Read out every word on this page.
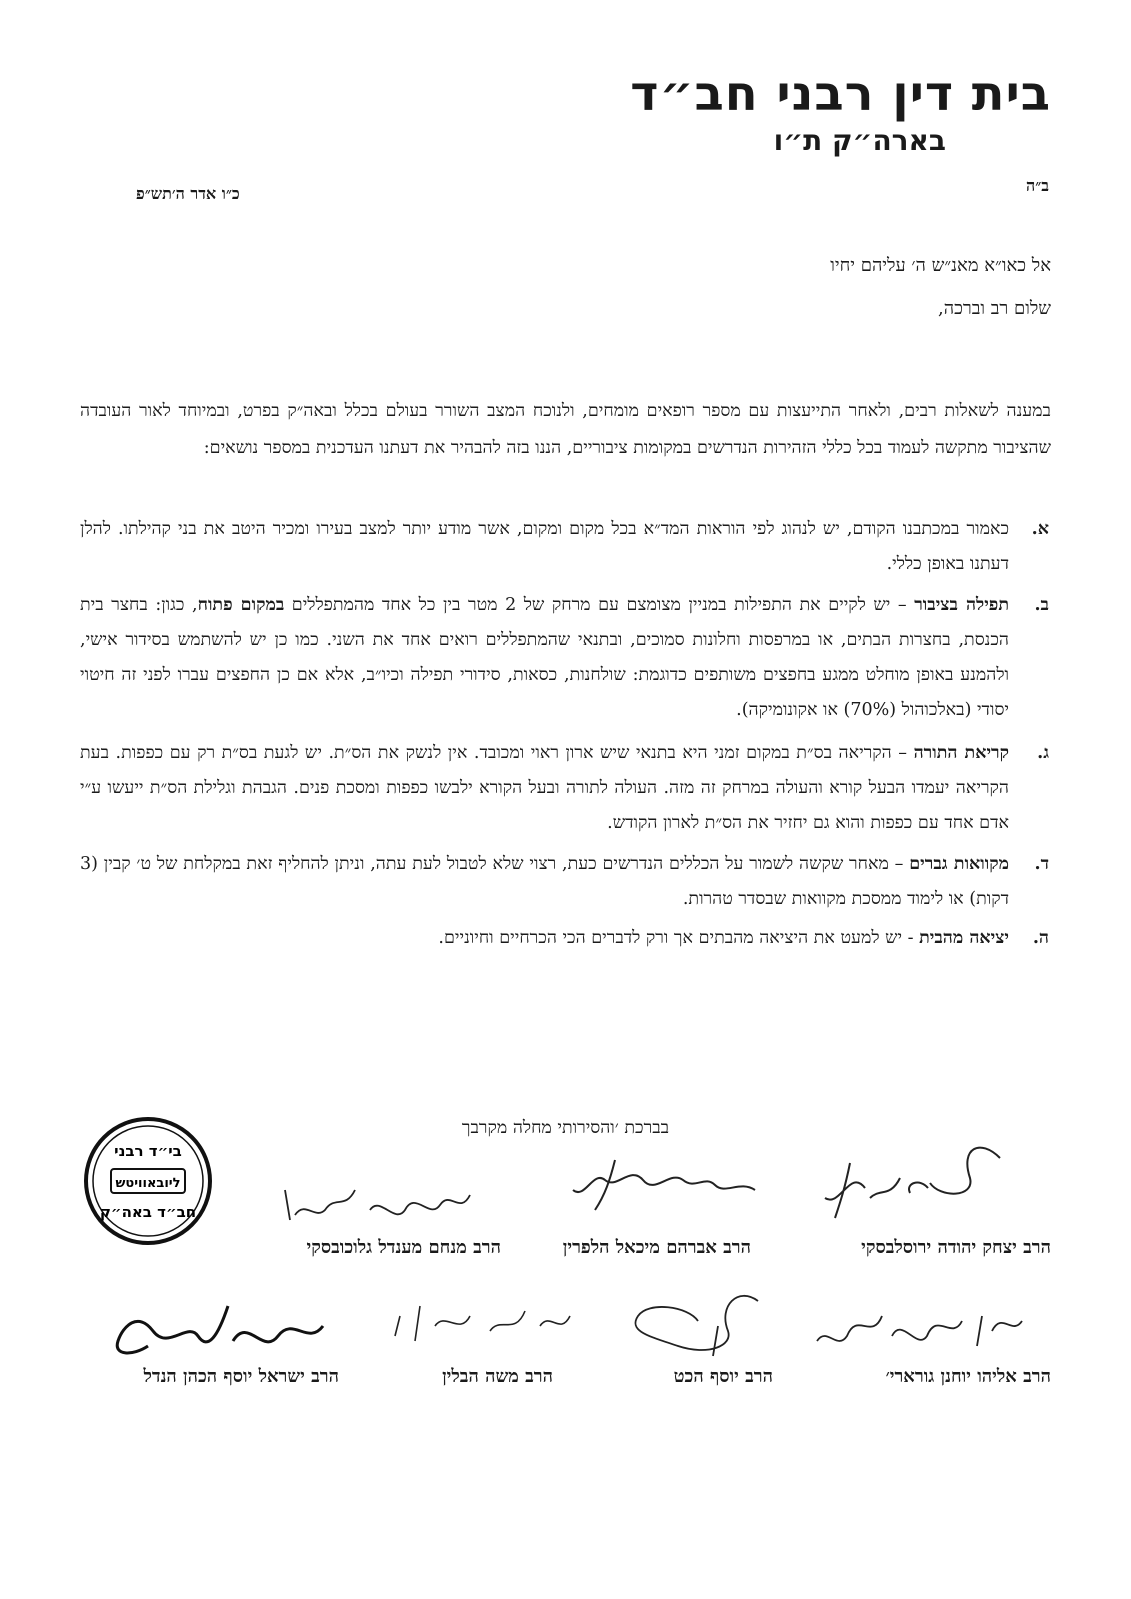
בית דין רבני חב״ד
בארה״ק ת״ו
ב״ה
כ״ו אדר ה׳תש״פ
אל כאו״א מאנ״ש ה׳ עליהם יחיו
שלום רב וברכה,
במענה לשאלות רבים, ולאחר התייעצות עם מספר רופאים מומחים, ולנוכח המצב השורר בעולם בכלל ובאה״ק בפרט, ובמיוחד לאור העובדה שהציבור מתקשה לעמוד בכל כללי הזהירות הנדרשים במקומות ציבוריים, הננו בזה להבהיר את דעתנו העדכנית במספר נושאים:
א.
כאמור במכתבנו הקודם, יש לנהוג לפי הוראות המד״א בכל מקום ומקום, אשר מודע יותר למצב בעירו ומכיר היטב את בני קהילתו. להלן דעתנו באופן כללי.
ב.
תפילה בציבור – יש לקיים את התפילות במניין מצומצם עם מרחק של 2 מטר בין כל אחד מהמתפללים במקום פתוח, כגון: בחצר בית הכנסת, בחצרות הבתים, או במרפסות וחלונות סמוכים, ובתנאי שהמתפללים רואים אחד את השני. כמו כן יש להשתמש בסידור אישי, ולהמנע באופן מוחלט ממגע בחפצים משותפים כדוגמת: שולחנות, כסאות, סידורי תפילה וכיו״ב, אלא אם כן החפצים עברו לפני זה חיטוי יסודי (באלכוהול (70%) או אקונומיקה).
ג.
קריאת התורה – הקריאה בס״ת במקום זמני היא בתנאי שיש ארון ראוי ומכובד. אין לנשק את הס״ת. יש לגעת בס״ת רק עם כפפות. בעת הקריאה יעמדו הבעל קורא והעולה במרחק זה מזה. העולה לתורה ובעל הקורא ילבשו כפפות ומסכת פנים. הגבהת וגלילת הס״ת ייעשו ע״י אדם אחד עם כפפות והוא גם יחזיר את הס״ת לארון הקודש.
ד.
מקוואות גברים – מאחר שקשה לשמור על הכללים הנדרשים כעת, רצוי שלא לטבול לעת עתה, וניתן להחליף זאת במקלחת של ט׳ קבין (3 דקות) או לימוד ממסכת מקוואות שבסדר טהרות.
ה.
יציאה מהבית - יש למעט את היציאה מהבתים אך ורק לדברים הכי הכרחיים וחיוניים.
בברכת ׳והסירותי מחלה מקרבך
בי״ד רבני
ליובאוויטש
חב״ד באה״ק
הרב יצחק יהודה ירוסלבסקי
הרב אברהם מיכאל הלפרין
הרב מנחם מענדל גלוכובסקי
הרב אליהו יוחנן גורארי׳
הרב יוסף הכט
הרב משה הבלין
הרב ישראל יוסף הכהן הנדל
